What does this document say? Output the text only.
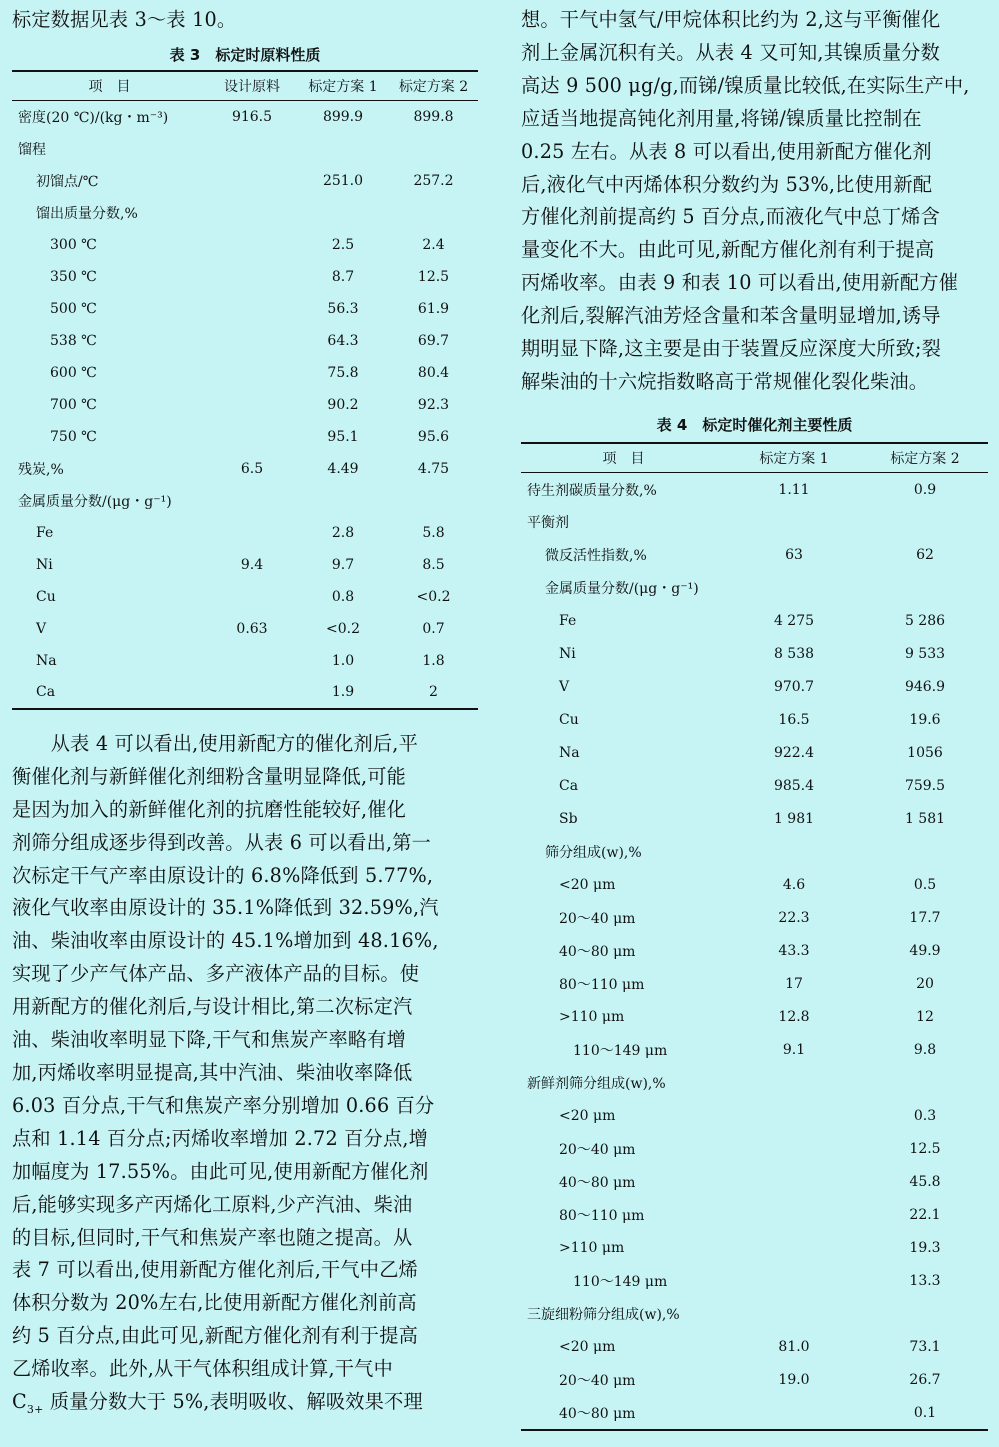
标定数据见表 3～表 10。

表 3　标定时原料性质

项　目	设计原料	标定方案 1	标定方案 2
密度(20 ℃)/(kg・m⁻³)	916.5	899.9	899.8
馏程			
初馏点/℃		251.0	257.2
馏出质量分数,%			
300 ℃		2.5	2.4
350 ℃		8.7	12.5
500 ℃		56.3	61.9
538 ℃		64.3	69.7
600 ℃		75.8	80.4
700 ℃		90.2	92.3
750 ℃		95.1	95.6
残炭,%	6.5	4.49	4.75
金属质量分数/(μg・g⁻¹)			
Fe		2.8	5.8
Ni	9.4	9.7	8.5
Cu		0.8	<0.2
V	0.63	<0.2	0.7
Na		1.0	1.8
Ca		1.9	2

　　从表 4 可以看出,使用新配方的催化剂后,平

衡催化剂与新鲜催化剂细粉含量明显降低,可能

是因为加入的新鲜催化剂的抗磨性能较好,催化

剂筛分组成逐步得到改善。从表 6 可以看出,第一

次标定干气产率由原设计的 6.8%降低到 5.77%,

液化气收率由原设计的 35.1%降低到 32.59%,汽

油、柴油收率由原设计的 45.1%增加到 48.16%,

实现了少产气体产品、多产液体产品的目标。使

用新配方的催化剂后,与设计相比,第二次标定汽

油、柴油收率明显下降,干气和焦炭产率略有增

加,丙烯收率明显提高,其中汽油、柴油收率降低

6.03 百分点,干气和焦炭产率分别增加 0.66 百分

点和 1.14 百分点;丙烯收率增加 2.72 百分点,增

加幅度为 17.55%。由此可见,使用新配方催化剂

后,能够实现多产丙烯化工原料,少产汽油、柴油

的目标,但同时,干气和焦炭产率也随之提高。从

表 7 可以看出,使用新配方催化剂后,干气中乙烯

体积分数为 20%左右,比使用新配方催化剂前高

约 5 百分点,由此可见,新配方催化剂有利于提高

乙烯收率。此外,从干气体积组成计算,干气中

$C_{3+}$ 质量分数大于 5%,表明吸收、解吸效果不理

想。干气中氢气/甲烷体积比约为 2,这与平衡催化

剂上金属沉积有关。从表 4 又可知,其镍质量分数

高达 9 500 μg/g,而锑/镍质量比较低,在实际生产中,

应适当地提高钝化剂用量,将锑/镍质量比控制在

0.25 左右。从表 8 可以看出,使用新配方催化剂

后,液化气中丙烯体积分数约为 53%,比使用新配

方催化剂前提高约 5 百分点,而液化气中总丁烯含

量变化不大。由此可见,新配方催化剂有利于提高

丙烯收率。由表 9 和表 10 可以看出,使用新配方催

化剂后,裂解汽油芳烃含量和苯含量明显增加,诱导

期明显下降,这主要是由于装置反应深度大所致;裂

解柴油的十六烷指数略高于常规催化裂化柴油。

表 4　标定时催化剂主要性质

项　目	标定方案 1	标定方案 2
待生剂碳质量分数,%	1.11	0.9
平衡剂		
微反活性指数,%	63	62
金属质量分数/(μg・g⁻¹)		
Fe	4 275	5 286
Ni	8 538	9 533
V	970.7	946.9
Cu	16.5	19.6
Na	922.4	1056
Ca	985.4	759.5
Sb	1 981	1 581
筛分组成(w),%		
<20 μm	4.6	0.5
20～40 μm	22.3	17.7
40～80 μm	43.3	49.9
80～110 μm	17	20
>110 μm	12.8	12
110～149 μm	9.1	9.8
新鲜剂筛分组成(w),%		
<20 μm		0.3
20～40 μm		12.5
40～80 μm		45.8
80～110 μm		22.1
>110 μm		19.3
110～149 μm		13.3
三旋细粉筛分组成(w),%		
<20 μm	81.0	73.1
20～40 μm	19.0	26.7
40～80 μm		0.1
